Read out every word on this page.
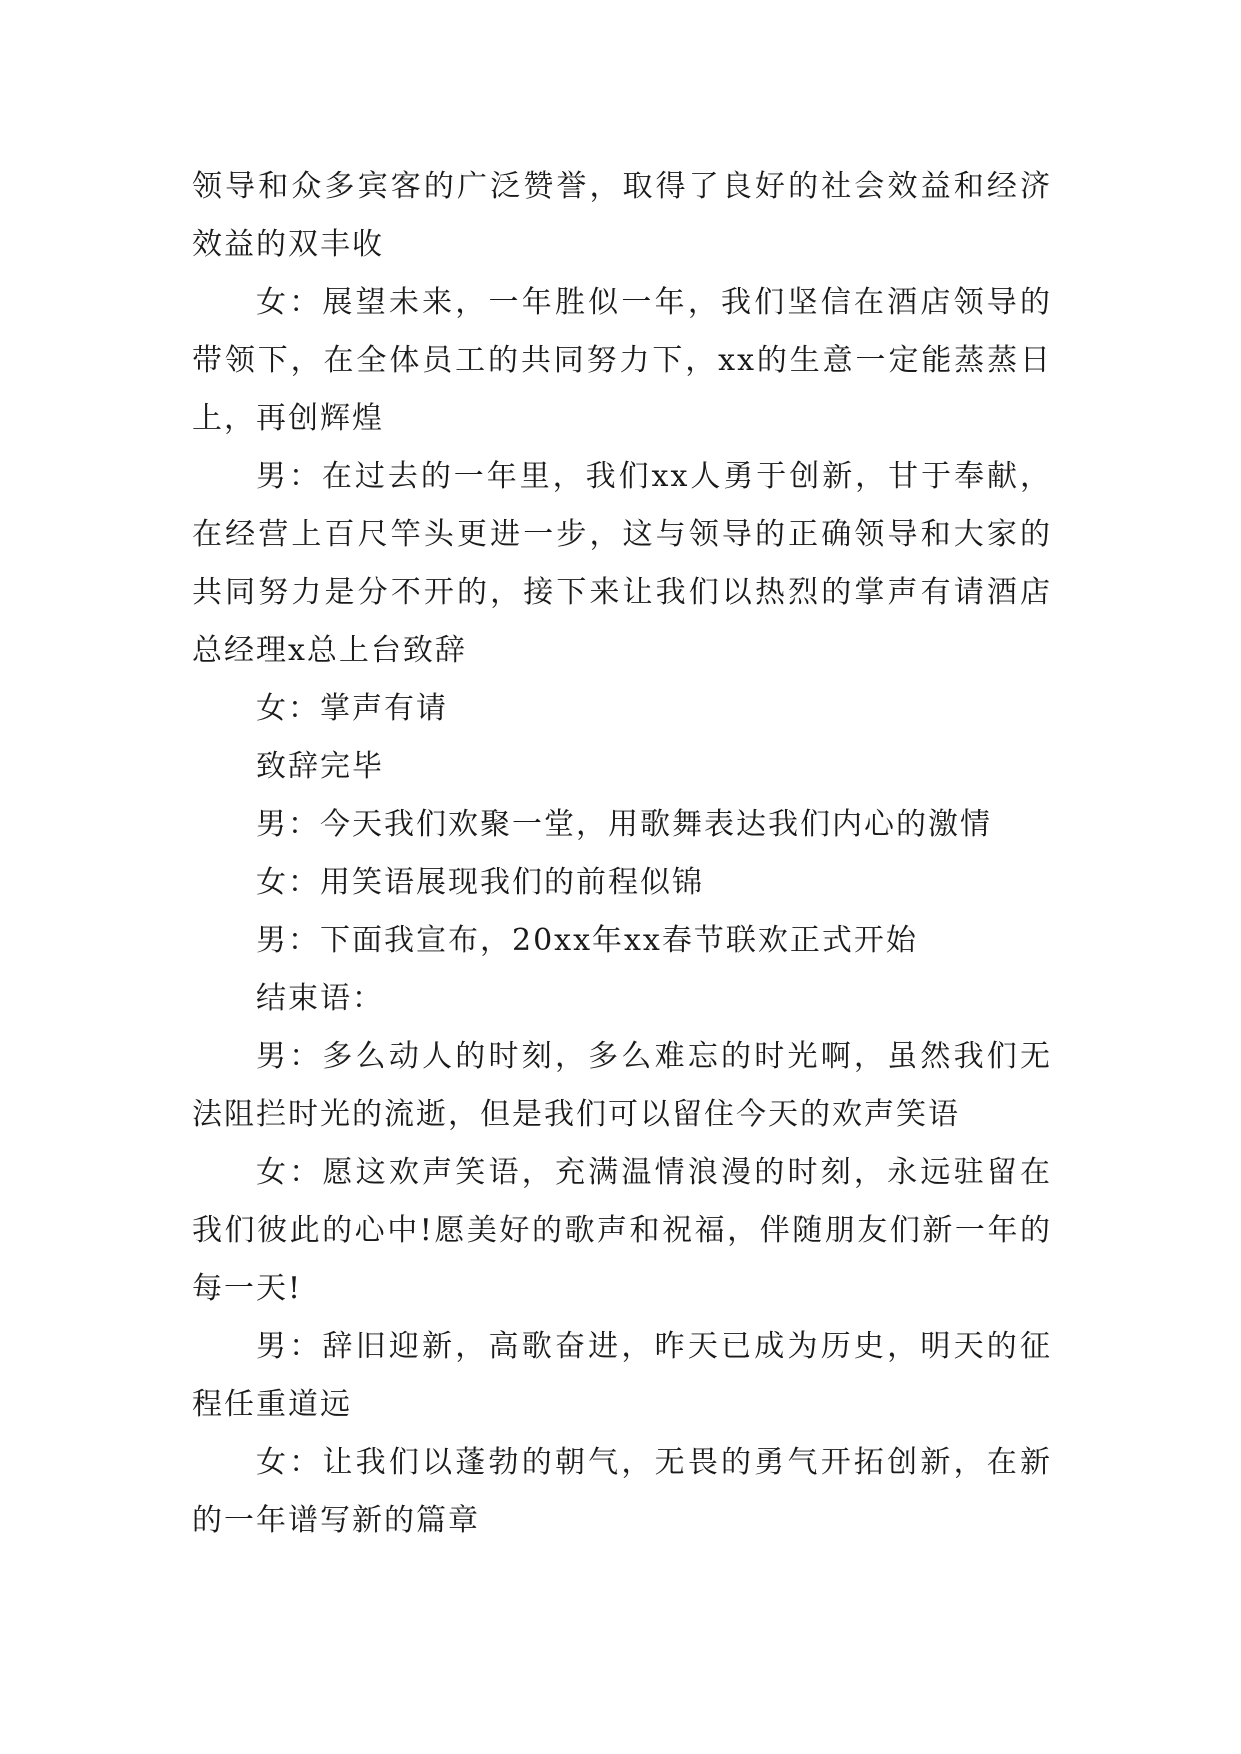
领导和众多宾客的广泛赞誉，取得了良好的社会效益和经济效益的双丰收

女：展望未来，一年胜似一年，我们坚信在酒店领导的带领下，在全体员工的共同努力下，xx的生意一定能蒸蒸日上，再创辉煌

男：在过去的一年里，我们xx人勇于创新，甘于奉献，在经营上百尺竿头更进一步，这与领导的正确领导和大家的共同努力是分不开的，接下来让我们以热烈的掌声有请酒店总经理x总上台致辞

女：掌声有请

致辞完毕

男：今天我们欢聚一堂，用歌舞表达我们内心的激情

女：用笑语展现我们的前程似锦

男：下面我宣布，20xx年xx春节联欢正式开始

结束语：

男：多么动人的时刻，多么难忘的时光啊，虽然我们无法阻拦时光的流逝，但是我们可以留住今天的欢声笑语

女：愿这欢声笑语，充满温情浪漫的时刻，永远驻留在我们彼此的心中!愿美好的歌声和祝福，伴随朋友们新一年的每一天!

男：辞旧迎新，高歌奋进，昨天已成为历史，明天的征程任重道远

女：让我们以蓬勃的朝气，无畏的勇气开拓创新，在新的一年谱写新的篇章
